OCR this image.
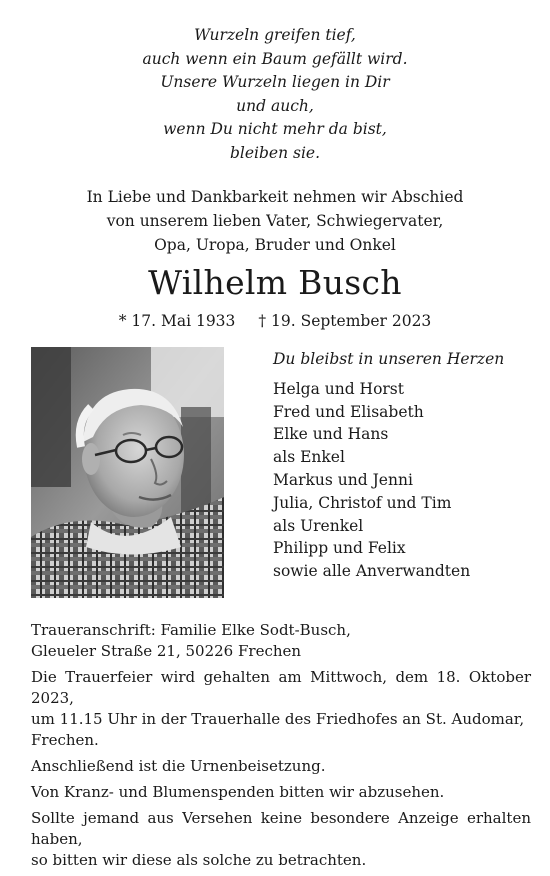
Wurzeln greifen tief,
auch wenn ein Baum gefällt wird.
Unsere Wurzeln liegen in Dir
und auch,
wenn Du nicht mehr da bist,
bleiben sie.
In Liebe und Dankbarkeit nehmen wir Abschied
von unserem lieben Vater, Schwiegervater,
Opa, Uropa, Bruder und Onkel
Wilhelm Busch
* 17. Mai 1933 † 19. September 2023
Du bleibst in unseren Herzen
Helga und Horst
Fred und Elisabeth
Elke und Hans
als Enkel
Markus und Jenni
Julia, Christof und Tim
als Urenkel
Philipp und Felix
sowie alle Anverwandten

Traueranschrift: Familie Elke Sodt-Busch,
Gleueler Straße 21, 50226 Frechen

Die Trauerfeier wird gehalten am Mittwoch, dem 18. Oktober 2023,
um 11.15 Uhr in der Trauerhalle des Friedhofes an St. Audomar,
Frechen.

Anschließend ist die Urnenbeisetzung.

Von Kranz- und Blumenspenden bitten wir abzusehen.

Sollte jemand aus Versehen keine besondere Anzeige erhalten haben,
so bitten wir diese als solche zu betrachten.
